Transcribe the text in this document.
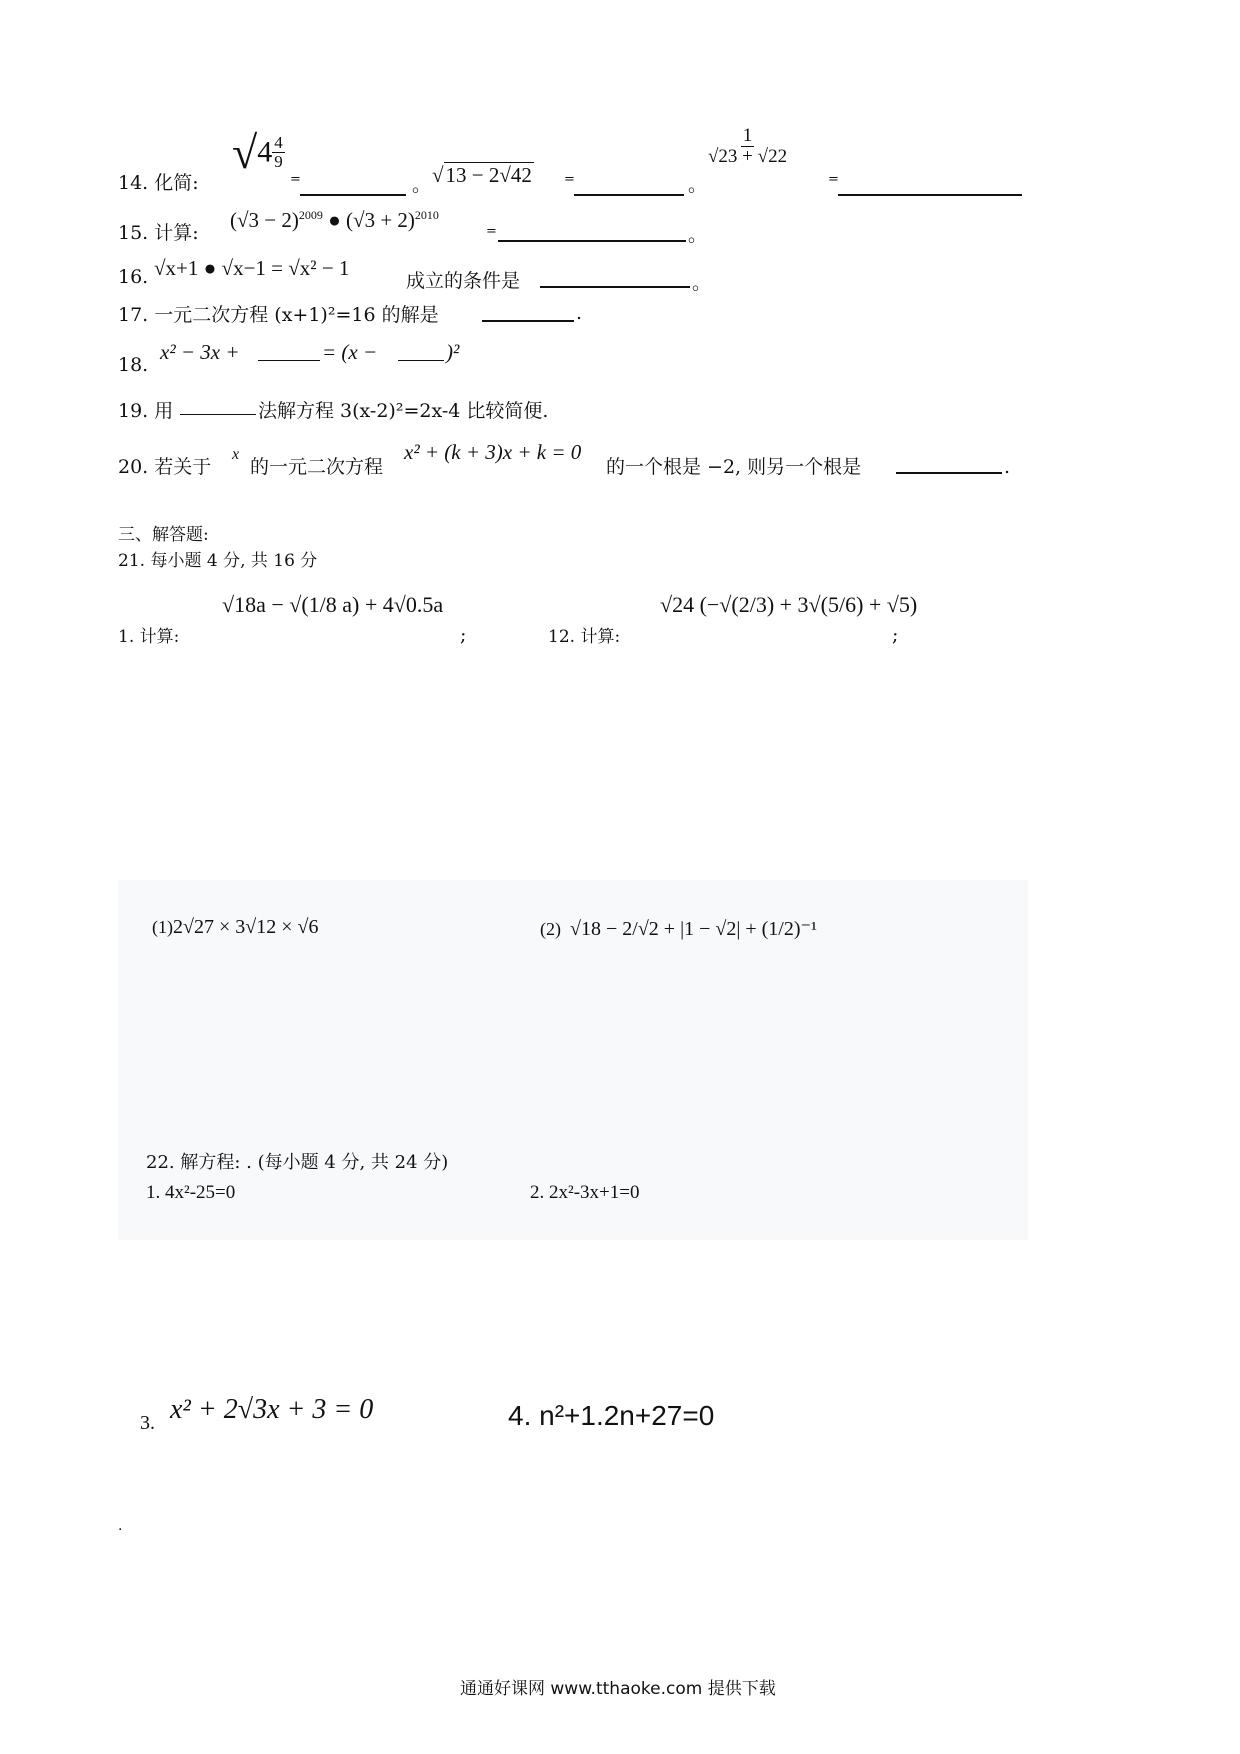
14. 化简:
$√4 \frac{4}{9}$
=	。 √13 − 2√42 =	。
$\frac{1}{√23 + √22}$
=
15. 计算:
$(√3 - 2)^{2009}$ ● $(√3 + 2)^{2010}$
=	。
16. √x+1 ● √x−1 = √x² − 1
成立的条件是	。
17. 一元二次方程 (x+1)²=16 的解是	.
18.
x² − 3x +	= (x −	)²
19. 用	法解方程 3(x-2)²=2x-4 比较简便.
20. 若关于
x
的一元二次方程
x² + (k + 3)x + k = 0
的一个根是 −2, 则另一个根是	.
三、解答题:
21. 每小题 4 分, 共 16 分
1. 计算:
√18a − √(1/8 a) + 4√0.5a
;	12. 计算:
√24 (−√(2/3) + 3√(5/6) + √5)
;
(1)2√27 × 3√12 × √6	(2) √18 − 2/√2 + |1 − √2| + (1/2)⁻¹
22. 解方程: . (每小题 4 分, 共 24 分)
1. 4x²-25=0	2. 2x²-3x+1=0
3. x² + 2√3x + 3 = 0	4. n²+1.2n+27=0
.
通通好课网 www.tthaoke.com 提供下载
